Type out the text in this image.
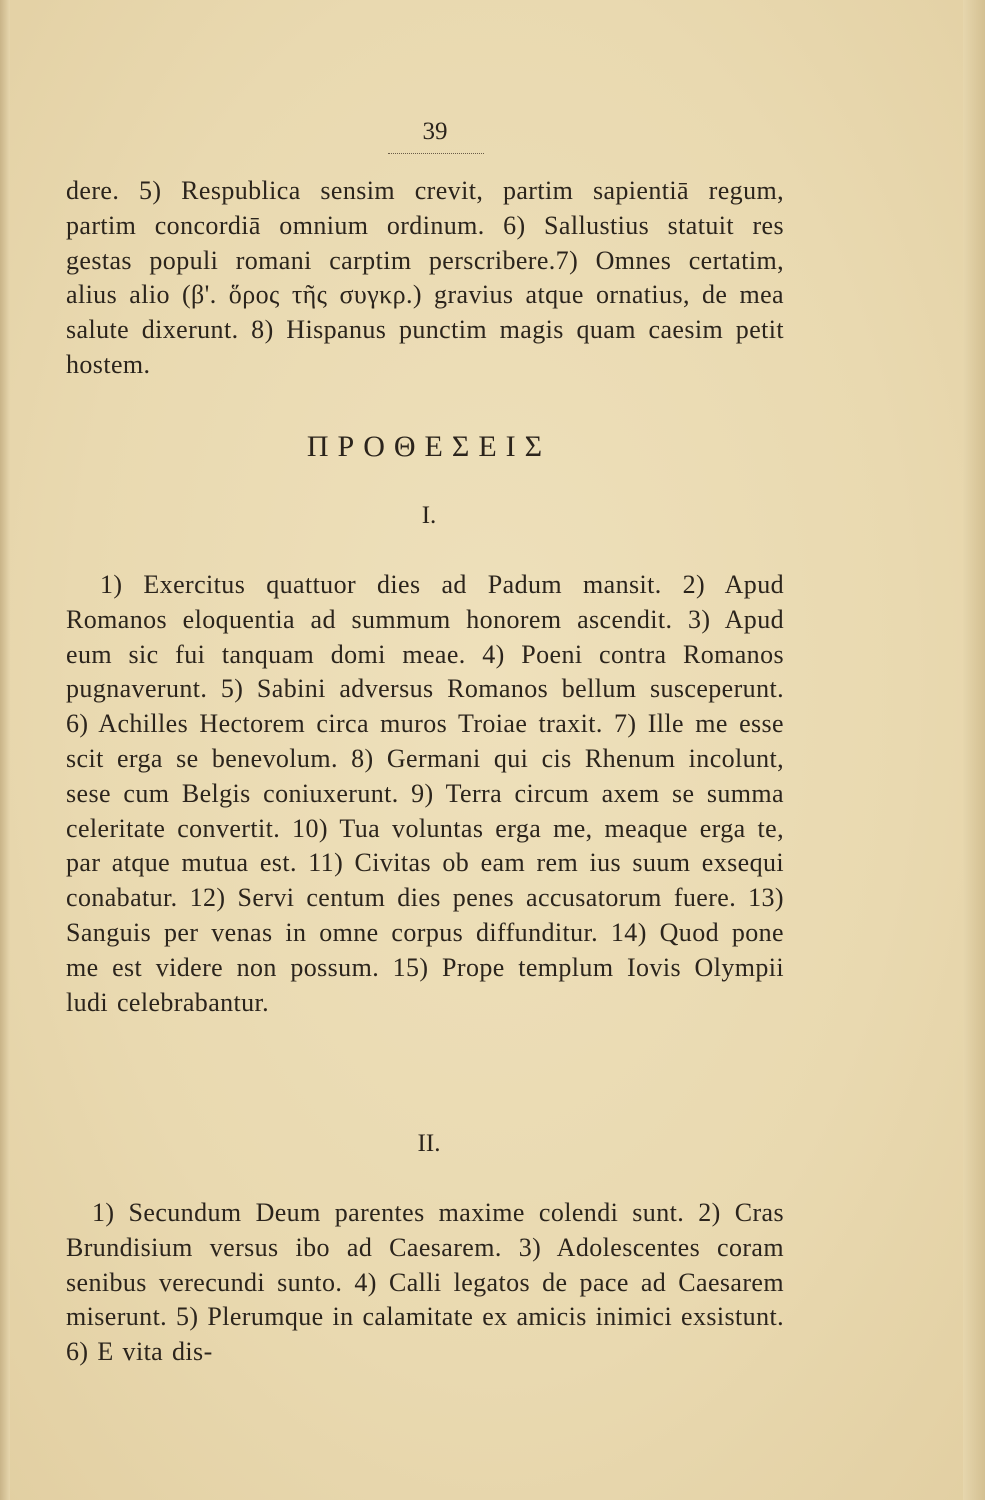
39

dere. 5) Respublica sensim crevit, partim sapientiā regum, partim concordiā omnium ordinum. 6) Sallustius statuit res gestas populi romani carptim perscribere.7) Omnes certatim, alius alio (β'. ὅρος τῆς συγκρ.) gravius atque ornatius, de mea salute dixerunt. 8) Hispanus punctim magis quam caesim petit hostem.

ΠΡΟΘΕΣΕΙΣ
I.

1) Exercitus quattuor dies ad Padum mansit. 2) Apud Romanos eloquentia ad summum honorem ascendit. 3) Apud eum sic fui tanquam domi meae. 4) Poeni contra Romanos pugnaverunt. 5) Sabini adversus Romanos bellum susceperunt. 6) Achilles Hectorem circa muros Troiae traxit. 7) Ille me esse scit erga se benevolum. 8) Germani qui cis Rhenum incolunt, sese cum Belgis coniuxerunt. 9) Terra circum axem se summa celeritate convertit. 10) Tua voluntas erga me, meaque erga te, par atque mutua est. 11) Civitas ob eam rem ius suum exsequi conabatur. 12) Servi centum dies penes accusatorum fuere. 13) Sanguis per venas in omne corpus diffunditur. 14) Quod pone me est videre non possum. 15) Prope templum Iovis Olympii ludi celebrabantur.

II.

1) Secundum Deum parentes maxime colendi sunt. 2) Cras Brundisium versus ibo ad Caesarem. 3) Adolescentes coram senibus verecundi sunto. 4) Calli legatos de pace ad Caesarem miserunt. 5) Plerumque in calamitate ex amicis inimici exsistunt. 6) E vita dis-
